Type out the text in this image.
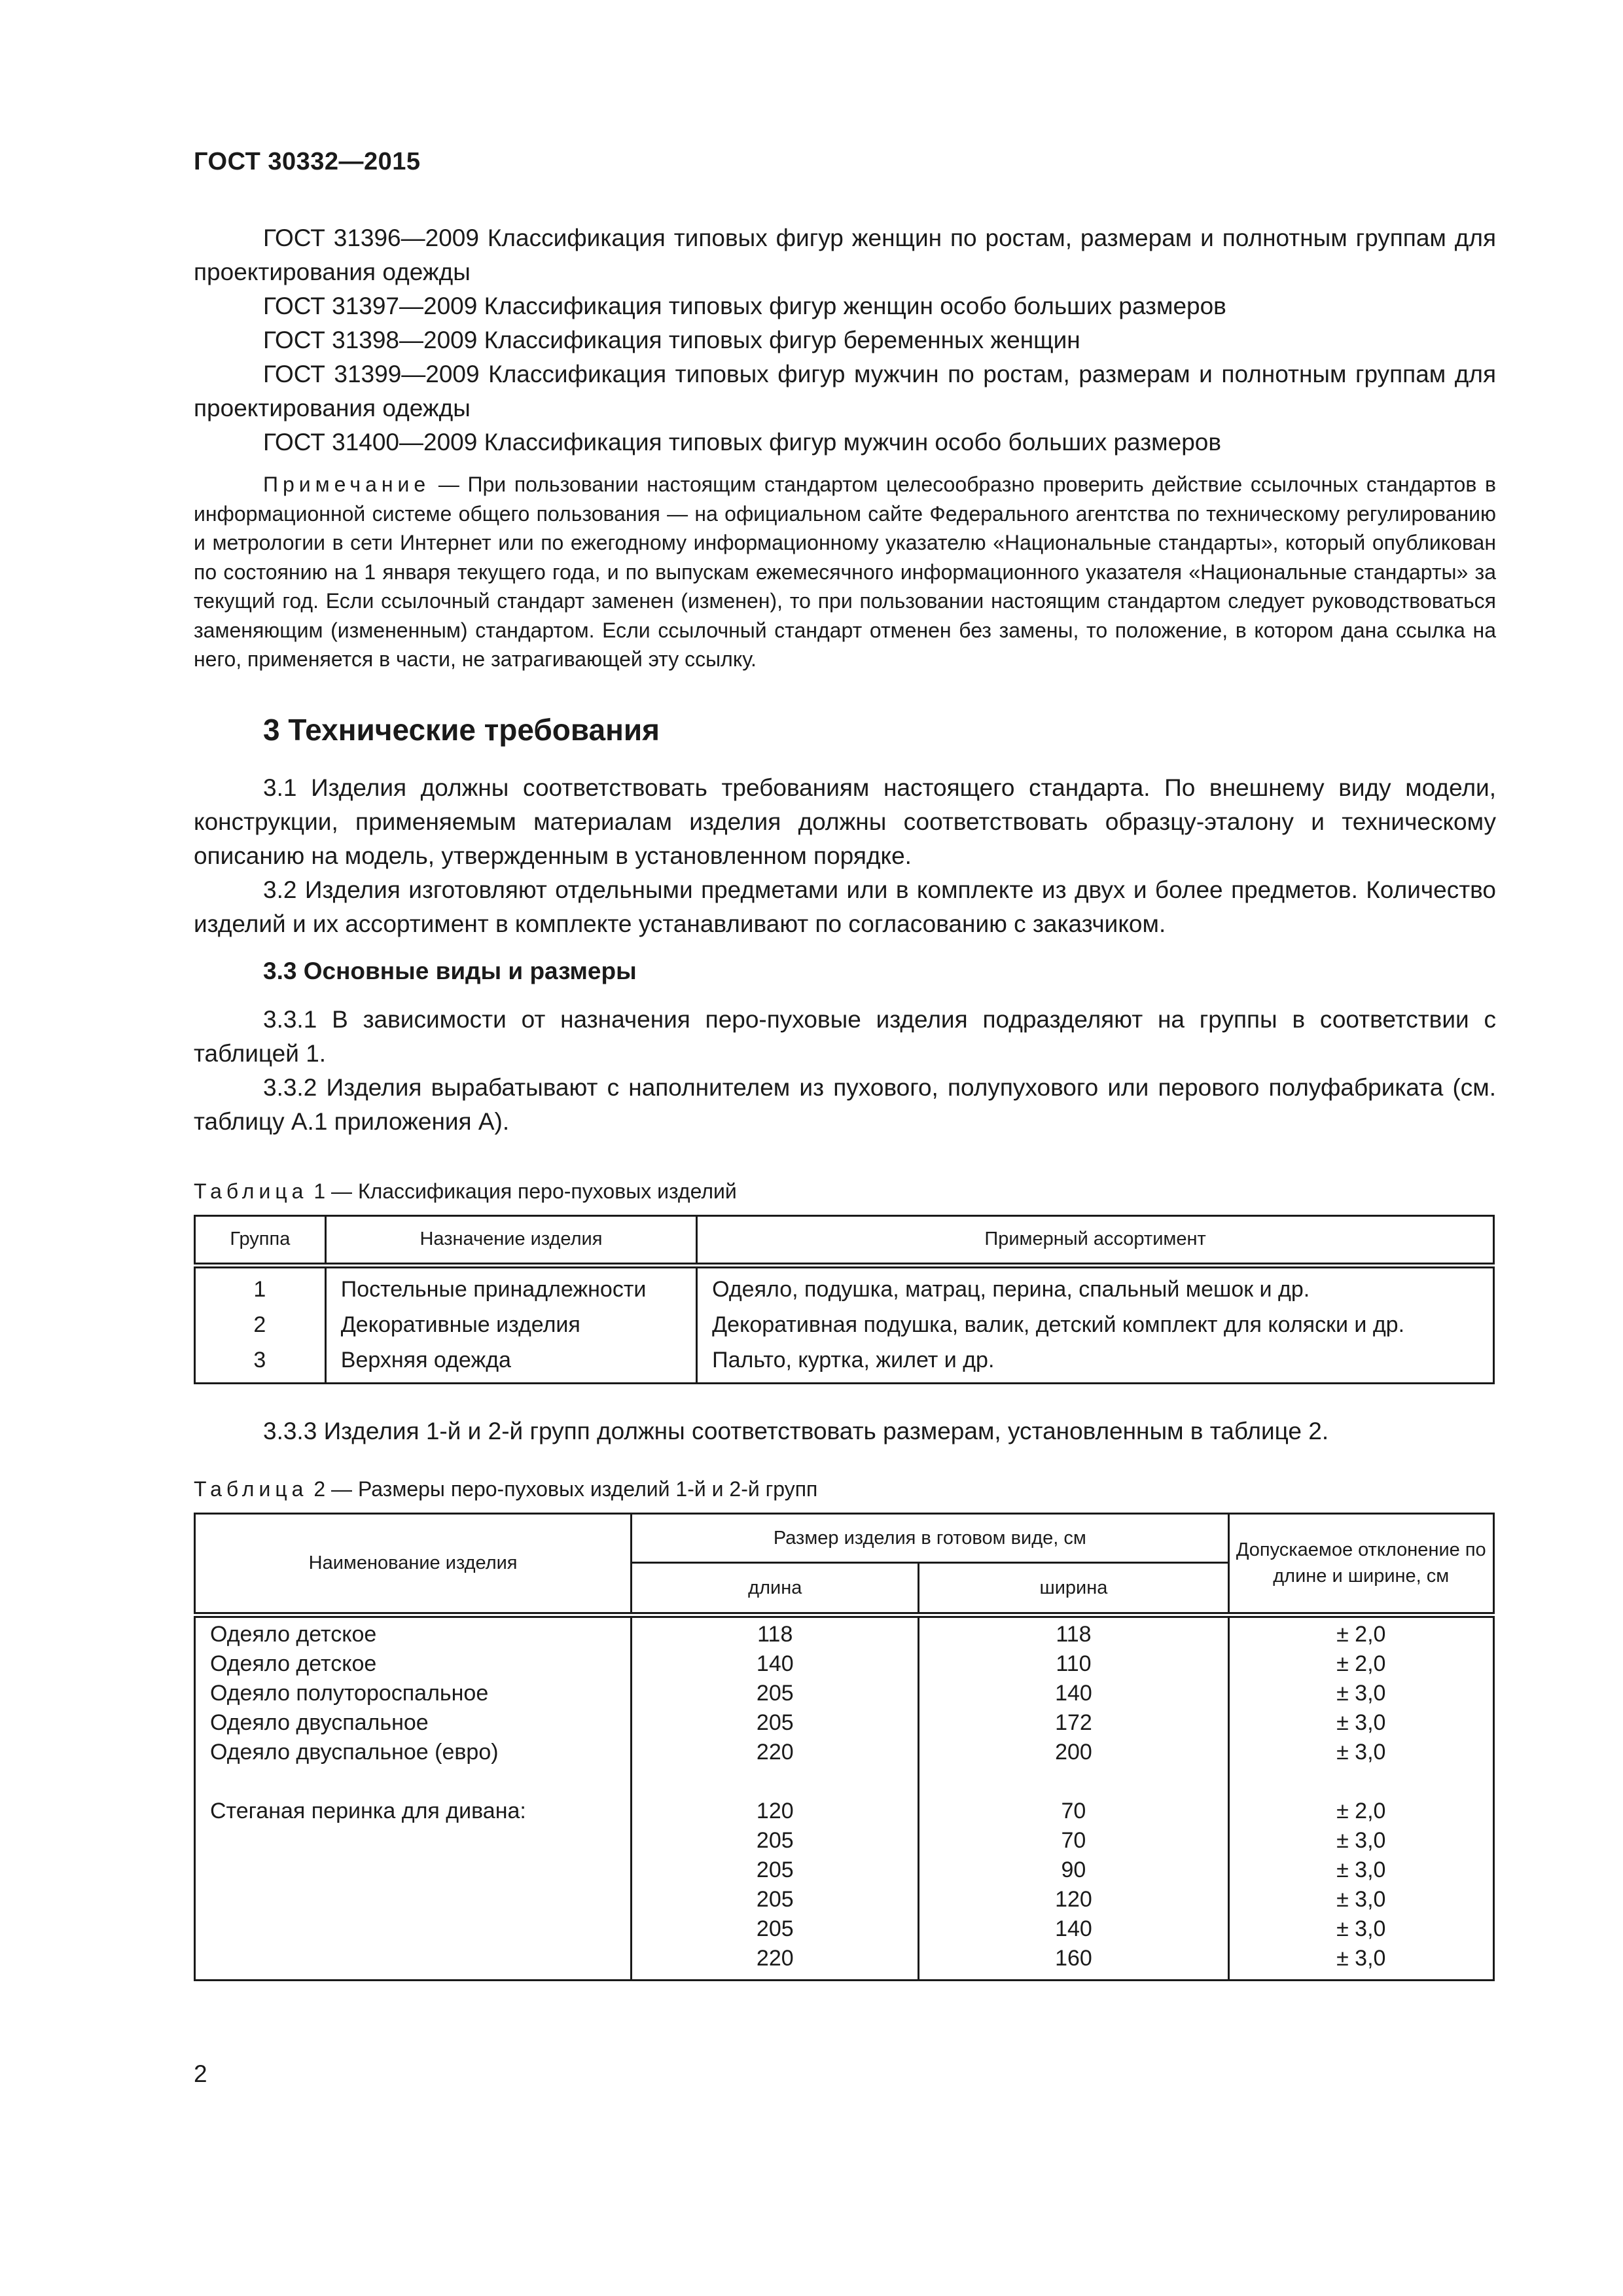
ГОСТ 30332—2015

ГОСТ 31396—2009 Классификация типовых фигур женщин по ростам, размерам и полнотным группам для проектирования одежды

ГОСТ 31397—2009 Классификация типовых фигур женщин особо больших размеров

ГОСТ 31398—2009 Классификация типовых фигур беременных женщин

ГОСТ 31399—2009 Классификация типовых фигур мужчин по ростам, размерам и полнотным группам для проектирования одежды

ГОСТ 31400—2009 Классификация типовых фигур мужчин особо больших размеров

Примечание — При пользовании настоящим стандартом целесообразно проверить действие ссылочных стандартов в информационной системе общего пользования — на официальном сайте Федерального агентства по техническому регулированию и метрологии в сети Интернет или по ежегодному информационному указателю «Национальные стандарты», который опубликован по состоянию на 1 января текущего года, и по выпускам ежемесячного информационного указателя «Национальные стандарты» за текущий год. Если ссылочный стандарт заменен (изменен), то при пользовании настоящим стандартом следует руководствоваться заменяющим (измененным) стандартом. Если ссылочный стандарт отменен без замены, то положение, в котором дана ссылка на него, применяется в части, не затрагивающей эту ссылку.

3 Технические требования

3.1 Изделия должны соответствовать требованиям настоящего стандарта. По внешнему виду модели, конструкции, применяемым материалам изделия должны соответствовать образцу-эталону и техническому описанию на модель, утвержденным в установленном порядке.

3.2 Изделия изготовляют отдельными предметами или в комплекте из двух и более предметов. Количество изделий и их ассортимент в комплекте устанавливают по согласованию с заказчиком.

3.3 Основные виды и размеры

3.3.1 В зависимости от назначения перо-пуховые изделия подразделяют на группы в соответствии с таблицей 1.

3.3.2 Изделия вырабатывают с наполнителем из пухового, полупухового или перового полуфабриката (см. таблицу А.1 приложения А).

Таблица 1 — Классификация перо-пуховых изделий
Группа	Назначение изделия	Примерный ассортимент
1	Постельные принадлежности	Одеяло, подушка, матрац, перина, спальный мешок и др.
2	Декоративные изделия	Декоративная подушка, валик, детский комплект для коляски и др.
3	Верхняя одежда	Пальто, куртка, жилет и др.

3.3.3 Изделия 1-й и 2-й групп должны соответствовать размерам, установленным в таблице 2.

Таблица 2 — Размеры перо-пуховых изделий 1-й и 2-й групп
Наименование изделия	Размер изделия в готовом виде, см		Допускаемое отклонение по длине и ширине, см
	длина	ширина	
Одеяло детское	118	118	± 2,0
Одеяло детское	140	110	± 2,0
Одеяло полутороспальное	205	140	± 3,0
Одеяло двуспальное	205	172	± 3,0
Одеяло двуспальное (евро)	220	200	± 3,0

Стеганая перинка для дивана:	120	70	± 2,0
	205	70	± 3,0
	205	90	± 3,0
	205	120	± 3,0
	205	140	± 3,0
	220	160	± 3,0
2
